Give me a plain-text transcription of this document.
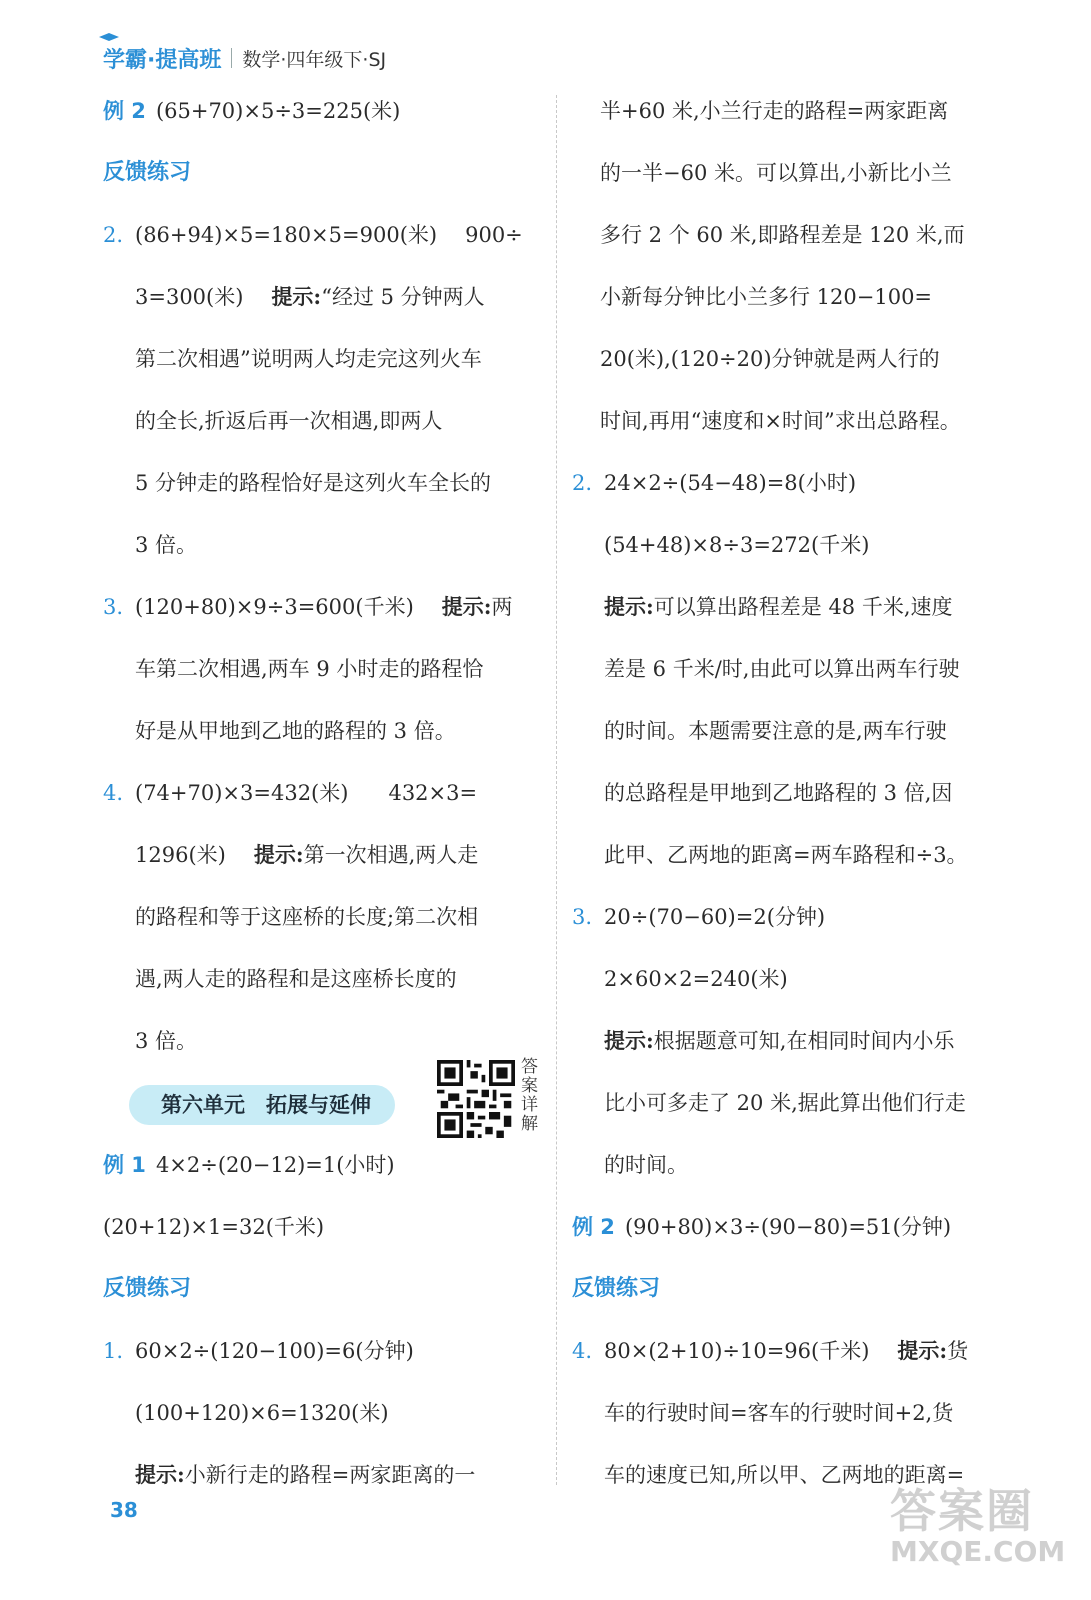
学霸·提高班 数学·四年级下·SJ
例 2 (65+70)×5÷3=225(米)
反馈练习
2. (86+94)×5=180×5=900(米) 900÷
3=300(米) 提示:“经过 5 分钟两人
第二次相遇”说明两人均走完这列火车
的全长,折返后再一次相遇,即两人
5 分钟走的路程恰好是这列火车全长的
3 倍。
3. (120+80)×9÷3=600(千米) 提示:两
车第二次相遇,两车 9 小时走的路程恰
好是从甲地到乙地的路程的 3 倍。
4. (74+70)×3=432(米) 432×3=
1296(米) 提示:第一次相遇,两人走
的路程和等于这座桥的长度;第二次相
遇,两人走的路程和是这座桥长度的
3 倍。
第六单元　拓展与延伸
答案详解
例 1 4×2÷(20−12)=1(小时)
(20+12)×1=32(千米)
反馈练习
1. 60×2÷(120−100)=6(分钟)
(100+120)×6=1320(米)
提示:小新行走的路程=两家距离的一
半+60 米,小兰行走的路程=两家距离
的一半−60 米。可以算出,小新比小兰
多行 2 个 60 米,即路程差是 120 米,而
小新每分钟比小兰多行 120−100=
20(米),(120÷20)分钟就是两人行的
时间,再用“速度和×时间”求出总路程。
2. 24×2÷(54−48)=8(小时)
(54+48)×8÷3=272(千米)
提示:可以算出路程差是 48 千米,速度
差是 6 千米/时,由此可以算出两车行驶
的时间。本题需要注意的是,两车行驶
的总路程是甲地到乙地路程的 3 倍,因
此甲、乙两地的距离=两车路程和÷3。
3. 20÷(70−60)=2(分钟)
2×60×2=240(米)
提示:根据题意可知,在相同时间内小乐
比小可多走了 20 米,据此算出他们行走
的时间。
例 2 (90+80)×3÷(90−80)=51(分钟)
反馈练习
4. 80×(2+10)÷10=96(千米) 提示:货
车的行驶时间=客车的行驶时间+2,货
车的速度已知,所以甲、乙两地的距离=
38	答案圈
MXQE.COM
